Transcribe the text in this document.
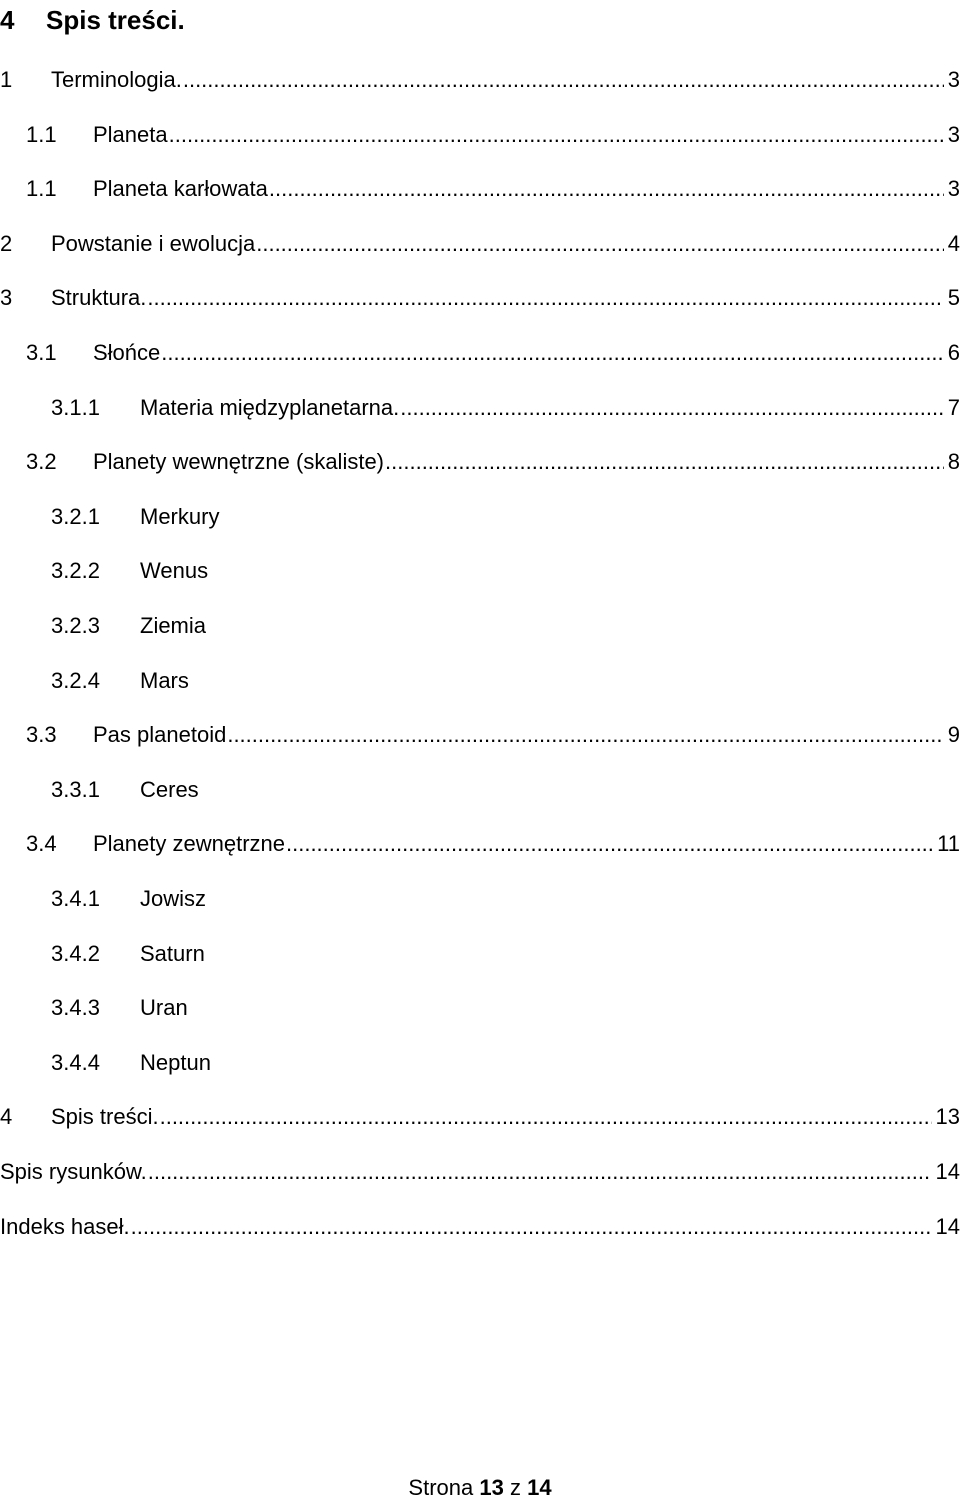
4 Spis treści.
1 Terminologia. .....	3
1.1 Planeta .....	3
1.1 Planeta karłowata .....	3
2 Powstanie i ewolucja .....	4
3 Struktura. .....	5
3.1 Słońce .....	6
3.1.1 Materia międzyplanetarna. .....	7
3.2 Planety wewnętrzne (skaliste) .....	8
3.2.1 Merkury
3.2.2 Wenus
3.2.3 Ziemia
3.2.4 Mars
3.3 Pas planetoid .....	9
3.3.1 Ceres
3.4 Planety zewnętrzne .....	11
3.4.1 Jowisz
3.4.2 Saturn
3.4.3 Uran
3.4.4 Neptun
4 Spis treści. .....	13
Spis rysunków. .....	14
Indeks haseł. .....	14
Strona 13 z 14
